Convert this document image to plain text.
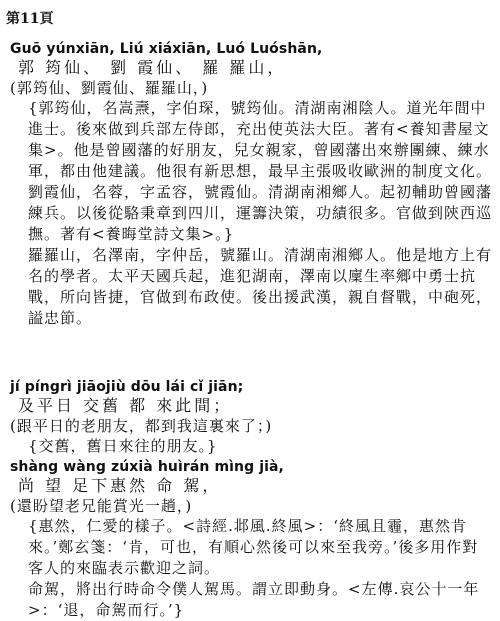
第11頁
Guō yúnxiān, Liú xiáxiān, Luó Luóshān,
郭 筠仙、 劉 霞仙、 羅 羅山，
(郭筠仙、劉霞仙、羅羅山，)

{郭筠仙，名嵩燾，字伯琛，號筠仙。清湖南湘陰人。道光年間中進士。後來做到兵部左侍郎，充出使英法大臣。著有<養知書屋文集>。他是曾國藩的好朋友，兒女親家，曾國藩出來辦團練、練水軍，都由他建議。他很有新思想，最早主張吸收歐洲的制度文化。

劉霞仙，名蓉，字孟容，號霞仙。清湖南湘鄉人。起初輔助曾國藩練兵。以後從駱秉章到四川，運籌決策，功績很多。官做到陝西巡撫。著有<養晦堂詩文集>。}

羅羅山，名澤南，字仲岳，號羅山。清湖南湘鄉人。他是地方上有名的學者。太平天國兵起，進犯湖南，澤南以廩生率鄉中勇士抗戰，所向皆捷，官做到布政使。後出援武漢，親自督戰，中砲死，謚忠節。

jí píngrì jiāojiù dōu lái cǐ jiān;
及平日 交舊 都 來此間；
(跟平日的老朋友，都到我這裏來了；)

{交舊，舊日來往的朋友。}

shàng wàng zúxià huìrán mìng jià,
尚 望 足下惠然 命 駕，
(還盼望老兄能賞光一趟，)

{惠然，仁愛的樣子。<詩經.邶風.終風>：‘終風且霾，惠然肯來。’鄭玄箋：‘肯，可也，有順心然後可以來至我旁。’後多用作對客人的來臨表示歡迎之詞。

命駕，將出行時命令僕人駕馬。謂立即動身。<左傳.哀公十一年>：‘退，命駕而行。’}
